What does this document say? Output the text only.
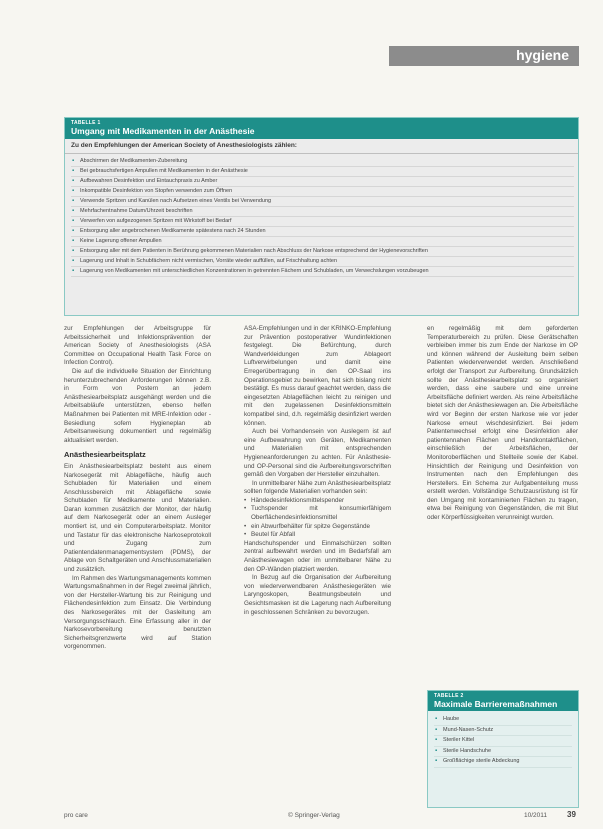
hygiene
TABELLE 1
Umgang mit Medikamenten in der Anästhesie
Zu den Empfehlungen der American Society of Anesthesiologists zählen:
▪ Abschirmen der Medikamenten-Zubereitung
▪ Bei gebrauchsfertigen Ampullen mit Medikamenten in der Anästhesie
▪ Aufbewahren Desinfektion und Eintauchpraxis zu Amber
▪ Inkompatible Desinfektion von Stopfen verwenden zum Öffnen
▪ Verwende Spritzen und Kanülen nach Aufsetzen eines Ventils bei Verwendung
▪ Mehrfachentnahme Datum/Uhrzeit beschriften
▪ Verwerfen von aufgezogenen Spritzen mit Wirkstoff bei Bedarf
▪ Entsorgung aller angebrochenen Medikamente spätestens nach 24 Stunden
▪ Keine Lagerung offener Ampullen
▪ Entsorgung aller mit dem Patienten in Berührung gekommenen Materialien nach Abschluss der Narkose entsprechend der Hygienevorschriften
▪ Lagerung und Inhalt in Schubfächern nicht vermischen, Vorräte wieder auffüllen, auf Frischhaltung achten
▪ Lagerung von Medikamenten mit unterschiedlichen Konzentrationen in getrennten Fächern und Schubladen, um Verwechslungen vorzubeugen

zur Empfehlungen der Arbeitsgruppe für Arbeitssicherheit und Infektionsprävention der American Society of Anesthesiologists (ASA Committee on Occupational Health Task Force on Infection Control).

Die auf die individuelle Situation der Einrichtung herunterzubrechenden Anforderungen können z.B. in Form von Postern an jedem Anästhesiearbeitsplatz ausgehängt werden und die Arbeitsabläufe unterstützen, ebenso helfen Maßnahmen bei Patienten mit MRE-Infektion oder -Besiedlung sofern Hygieneplan ab Arbeitsanweisung dokumentiert und regelmäßig aktualisiert werden.

Anästhesiearbeitsplatz

Ein Anästhesiearbeitsplatz besteht aus einem Narkosegerät mit Ablagefläche, häufig auch Schubladen für Materialien und einem Anschlussbereich mit Ablagefläche sowie Schubladen für Medikamente und Materialien. Daran kommen zusätzlich der Monitor, der häufig auf dem Narkosegerät oder an einem Ausleger montiert ist, und ein Computerarbeitsplatz. Monitor und Tastatur für das elektronische Narkoseprotokoll und Zugang zum Patientendatenmanagementsystem (PDMS), der Ablage von Schaltgeräten und Anschlussmaterialien und zusätzlich.

Im Rahmen des Wartungsmanagements kommen Wartungsmaßnahmen in der Regel zweimal jährlich, von der Hersteller-Wartung bis zur Reinigung und Flächendesinfektion zum Einsatz. Die Verbindung des Narkosegerätes mit der Gasleitung am Versorgungsschlauch. Eine Erfassung aller in der Narkosevorbereitung benutzten Sicherheitsgrenzwerte wird auf Station vorgenommen.

ASA-Empfehlungen und in der KRINKO-Empfehlung zur Prävention postoperativer Wundinfektionen festgelegt. Die Befürchtung, durch Wandverkleidungen zum Ablageort Luftverwirbelungen und damit eine Erregerübertragung in den OP-Saal ins Operationsgebiet zu bewirken, hat sich bislang nicht bestätigt. Es muss darauf geachtet werden, dass die eingesetzten Ablageflächen leicht zu reinigen und mit den zugelassenen Desinfektionsmitteln kompatibel sind, d.h. regelmäßig desinfiziert werden können.

Auch bei Vorhandensein von Auslegern ist auf eine Aufbewahrung von Geräten, Medikamenten und Materialien mit entsprechenden Hygieneanforderungen zu achten. Für Anästhesie- und OP-Personal sind die Aufbereitungsvorschriften gemäß den Vorgaben der Hersteller einzuhalten.

In unmittelbarer Nähe zum Anästhesiearbeitsplatz sollten folgende Materialien vorhanden sein:

• Händedesinfektionsmittelspender
• Tuchspender mit konsumierfähigem Oberflächendesinfektionsmittel
• ein Abwurfbehälter für spitze Gegenstände
• Beutel für Abfall

Handschuhspender und Einmalschürzen sollten zentral aufbewahrt werden und im Bedarfsfall am Anästhesiewagen oder im unmittelbarer Nähe zu den OP-Wänden platziert werden.

In Bezug auf die Organisation der Aufbereitung von wiederverwendbaren Anästhesiegeräten wie Laryngoskopen, Beatmungsbeuteln und Gesichtsmasken ist die Lagerung nach Aufbereitung in geschlossenen Schränken zu bevorzugen.

en regelmäßig mit dem geforderten Temperaturbereich zu prüfen. Diese Gerätschaften verbleiben immer bis zum Ende der Narkose im OP und können während der Ausleitung beim selben Patienten wiederverwendet werden. Anschließend erfolgt der Transport zur Aufbereitung. Grundsätzlich sollte der Anästhesiearbeitsplatz so organisiert werden, dass eine saubere und eine unreine Arbeitsfläche definiert werden. Als reine Arbeitsfläche bietet sich der Anästhesiewagen an. Die Arbeitsfläche wird vor Beginn der ersten Narkose wie vor jeder Narkose erneut wischdesinfiziert. Bei jedem Patientenwechsel erfolgt eine Desinfektion aller patientennahen Flächen und Handkontaktflächen, einschließlich der Arbeitsflächen, der Monitoroberflächen und Stellteile sowie der Kabel. Hinsichtlich der Reinigung und Desinfektion von Instrumenten nach den Empfehlungen des Herstellers. Ein Schema zur Aufgabenteilung muss erstellt werden. Vollständige Schutzausrüstung ist für den Umgang mit kontaminierten Flächen zu tragen, etwa bei Reinigung von Gegenständen, die mit Blut oder Körperflüssigkeiten verunreinigt wurden.

TABELLE 2
Maximale Barrieremaßnahmen
▪ Haube
▪ Mund-Nasen-Schutz
▪ Steriler Kittel
▪ Sterile Handschuhe
▪ Großflächige sterile Abdeckung
pro care	© Springer-Verlag	10/2011 39
